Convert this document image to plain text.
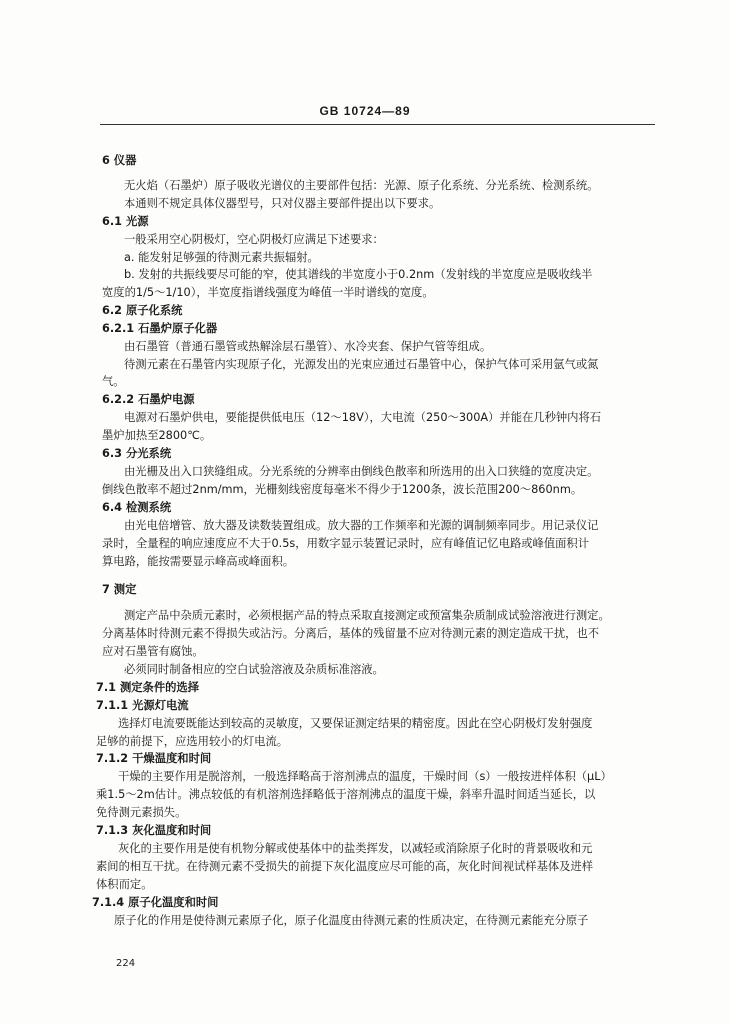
GB 10724—89
6 仪器
无火焰（石墨炉）原子吸收光谱仪的主要部件包括：光源、原子化系统、分光系统、检测系统。
本通则不规定具体仪器型号，只对仪器主要部件提出以下要求。
6.1 光源
一般采用空心阴极灯，空心阴极灯应满足下述要求：
a. 能发射足够强的待测元素共振辐射。
b. 发射的共振线要尽可能的窄，使其谱线的半宽度小于0.2nm（发射线的半宽度应是吸收线半
宽度的1/5～1/10），半宽度指谱线强度为峰值一半时谱线的宽度。
6.2 原子化系统
6.2.1 石墨炉原子化器
由石墨管（普通石墨管或热解涂层石墨管）、水冷夹套、保护气管等组成。
待测元素在石墨管内实现原子化，光源发出的光束应通过石墨管中心，保护气体可采用氩气或氮
气。
6.2.2 石墨炉电源
电源对石墨炉供电，要能提供低电压（12～18V），大电流（250～300A）并能在几秒钟内将石
墨炉加热至2800℃。
6.3 分光系统
由光栅及出入口狭缝组成。分光系统的分辨率由倒线色散率和所选用的出入口狭缝的宽度决定。
倒线色散率不超过2nm/mm，光栅刻线密度每毫米不得少于1200条，波长范围200～860nm。
6.4 检测系统
由光电倍增管、放大器及读数装置组成。放大器的工作频率和光源的调制频率同步。用记录仪记
录时，全量程的响应速度应不大于0.5s，用数字显示装置记录时，应有峰值记忆电路或峰值面积计
算电路，能按需要显示峰高或峰面积。
7 测定
测定产品中杂质元素时，必须根据产品的特点采取直接测定或预富集杂质制成试验溶液进行测定。
分离基体时待测元素不得损失或沾污。分离后，基体的残留量不应对待测元素的测定造成干扰，也不
应对石墨管有腐蚀。
必须同时制备相应的空白试验溶液及杂质标准溶液。
7.1 测定条件的选择
7.1.1 光源灯电流
选择灯电流要既能达到较高的灵敏度，又要保证测定结果的精密度。因此在空心阴极灯发射强度
足够的前提下，应选用较小的灯电流。
7.1.2 干燥温度和时间
干燥的主要作用是脱溶剂，一般选择略高于溶剂沸点的温度，干燥时间（s）一般按进样体积（μL）
乘1.5～2m估计。沸点较低的有机溶剂选择略低于溶剂沸点的温度干燥，斜率升温时间适当延长，以
免待测元素损失。
7.1.3 灰化温度和时间
灰化的主要作用是使有机物分解或使基体中的盐类挥发，以减轻或消除原子化时的背景吸收和元
素间的相互干扰。在待测元素不受损失的前提下灰化温度应尽可能的高，灰化时间视试样基体及进样
体积而定。
7.1.4 原子化温度和时间
原子化的作用是使待测元素原子化，原子化温度由待测元素的性质决定，在待测元素能充分原子
224
